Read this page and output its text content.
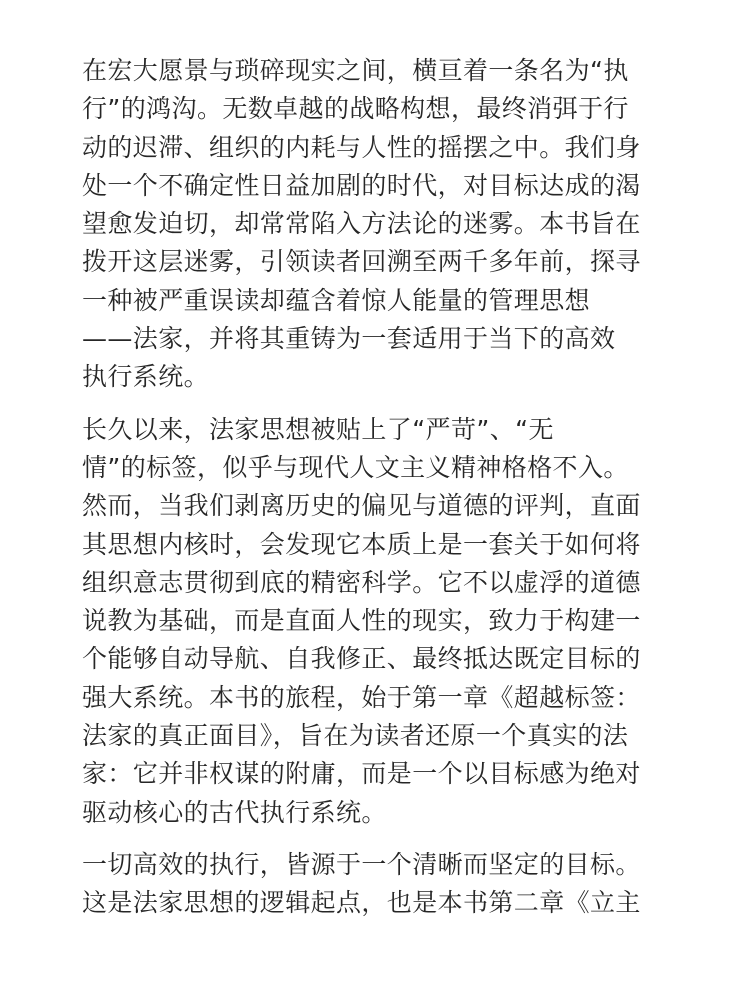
在宏大愿景与琐碎现实之间，横亘着一条名为“执
行”的鸿沟。无数卓越的战略构想，最终消弭于行
动的迟滞、组织的内耗与人性的摇摆之中。我们身
处一个不确定性日益加剧的时代，对目标达成的渴
望愈发迫切，却常常陷入方法论的迷雾。本书旨在
拨开这层迷雾，引领读者回溯至两千多年前，探寻
一种被严重误读却蕴含着惊人能量的管理思想
——法家，并将其重铸为一套适用于当下的高效
执行系统。
长久以来，法家思想被贴上了“严苛”、“无
情”的标签，似乎与现代人文主义精神格格不入。
然而，当我们剥离历史的偏见与道德的评判，直面
其思想内核时，会发现它本质上是一套关于如何将
组织意志贯彻到底的精密科学。它不以虚浮的道德
说教为基础，而是直面人性的现实，致力于构建一
个能够自动导航、自我修正、最终抵达既定目标的
强大系统。本书的旅程，始于第一章《超越标签：
法家的真正面目》，旨在为读者还原一个真实的法
家：它并非权谋的附庸，而是一个以目标感为绝对
驱动核心的古代执行系统。
一切高效的执行，皆源于一个清晰而坚定的目标。
这是法家思想的逻辑起点，也是本书第二章《立主
